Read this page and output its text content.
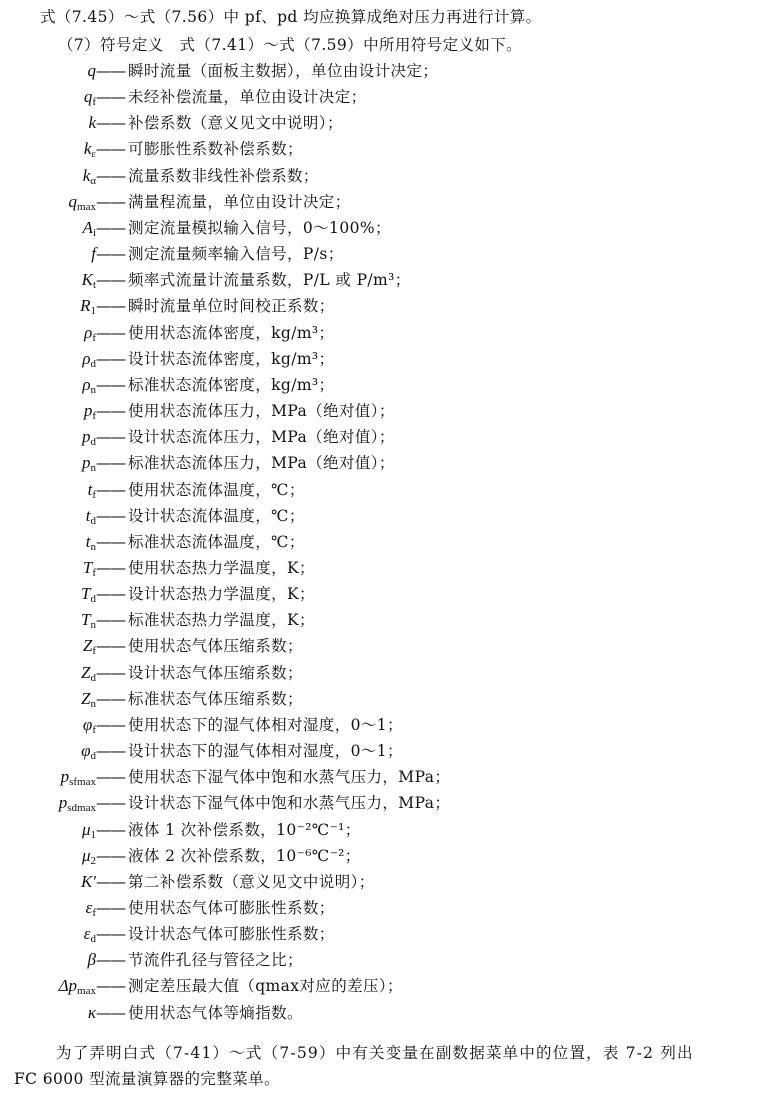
式（7.45）～式（7.56）中 pf、pd 均应换算成绝对压力再进行计算。
（7）符号定义　式（7.41）～式（7.59）中所用符号定义如下。
q —— 瞬时流量（面板主数据），单位由设计决定；
$q_f$ —— 未经补偿流量，单位由设计决定；
k —— 补偿系数（意义见文中说明）；
$k_\varepsilon$ —— 可膨胀性系数补偿系数；
$k_\alpha$ —— 流量系数非线性补偿系数；
$q_{max}$ —— 满量程流量，单位由设计决定；
$A_i$ —— 测定流量模拟输入信号，0～100%；
f —— 测定流量频率输入信号，P/s；
$K_t$ —— 频率式流量计流量系数，P/L 或 P/m³；
$R_1$ —— 瞬时流量单位时间校正系数；
$\rho_f$ —— 使用状态流体密度，kg/m³；
$\rho_d$ —— 设计状态流体密度，kg/m³；
$\rho_n$ —— 标准状态流体密度，kg/m³；
$p_f$ —— 使用状态流体压力，MPa（绝对值）；
$p_d$ —— 设计状态流体压力，MPa（绝对值）；
$p_n$ —— 标准状态流体压力，MPa（绝对值）；
$t_f$ —— 使用状态流体温度，℃；
$t_d$ —— 设计状态流体温度，℃；
$t_n$ —— 标准状态流体温度，℃；
$T_f$ —— 使用状态热力学温度，K；
$T_d$ —— 设计状态热力学温度，K；
$T_n$ —— 标准状态热力学温度，K；
$Z_f$ —— 使用状态气体压缩系数；
$Z_d$ —— 设计状态气体压缩系数；
$Z_n$ —— 标准状态气体压缩系数；
$\varphi_f$ —— 使用状态下的湿气体相对湿度，0～1；
$\varphi_d$ —— 设计状态下的湿气体相对湿度，0～1；
$p_{sfmax}$ —— 使用状态下湿气体中饱和水蒸气压力，MPa；
$p_{sdmax}$ —— 设计状态下湿气体中饱和水蒸气压力，MPa；
$\mu_1$ —— 液体 1 次补偿系数，10⁻²℃⁻¹；
$\mu_2$ —— 液体 2 次补偿系数，10⁻⁶℃⁻²；
K′ —— 第二补偿系数（意义见文中说明）；
$\varepsilon_f$ —— 使用状态气体可膨胀性系数；
$\varepsilon_d$ —— 设计状态气体可膨胀性系数；
β —— 节流件孔径与管径之比；
$\Delta p_{max}$ —— 测定差压最大值（qmax对应的差压）；
κ —— 使用状态气体等熵指数。
为了弄明白式（7-41）～式（7-59）中有关变量在副数据菜单中的位置，表 7-2 列出
FC 6000 型流量演算器的完整菜单。
